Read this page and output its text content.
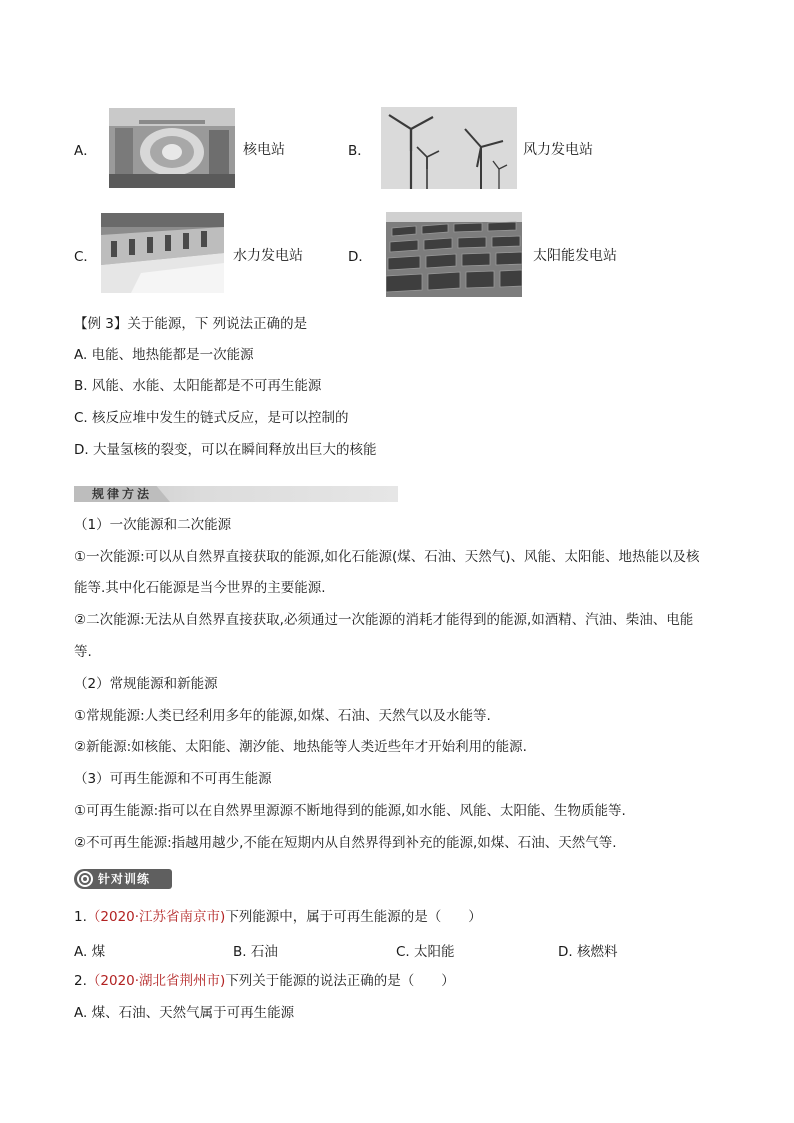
A．	核电站	B．	风力发电站
C．	水力发电站	D．	太阳能发电站
【例 3】关于能源，下 列说法正确的是
A. 电能、地热能都是一次能源
B. 风能、水能、太阳能都是不可再生能源
C. 核反应堆中发生的链式反应，是可以控制的
D. 大量氢核的裂变，可以在瞬间释放出巨大的核能
规律方法
（1）一次能源和二次能源
①一次能源:可以从自然界直接获取的能源,如化石能源(煤、石油、天然气)、风能、太阳能、地热能以及核
能等.其中化石能源是当今世界的主要能源.
②二次能源:无法从自然界直接获取,必须通过一次能源的消耗才能得到的能源,如酒精、汽油、柴油、电能
等.
（2）常规能源和新能源
①常规能源:人类已经利用多年的能源,如煤、石油、天然气以及水能等.
②新能源:如核能、太阳能、潮汐能、地热能等人类近些年才开始利用的能源.
（3）可再生能源和不可再生能源
①可再生能源:指可以在自然界里源源不断地得到的能源,如水能、风能、太阳能、生物质能等.
②不可再生能源:指越用越少,不能在短期内从自然界得到补充的能源,如煤、石油、天然气等.
针对训练
1.（2020·江苏省南京市)下列能源中，属于可再生能源的是（　　）
A. 煤	B. 石油	C. 太阳能	D. 核燃料
2.（2020·湖北省荆州市)下列关于能源的说法正确的是（　　）
A. 煤、石油、天然气属于可再生能源
